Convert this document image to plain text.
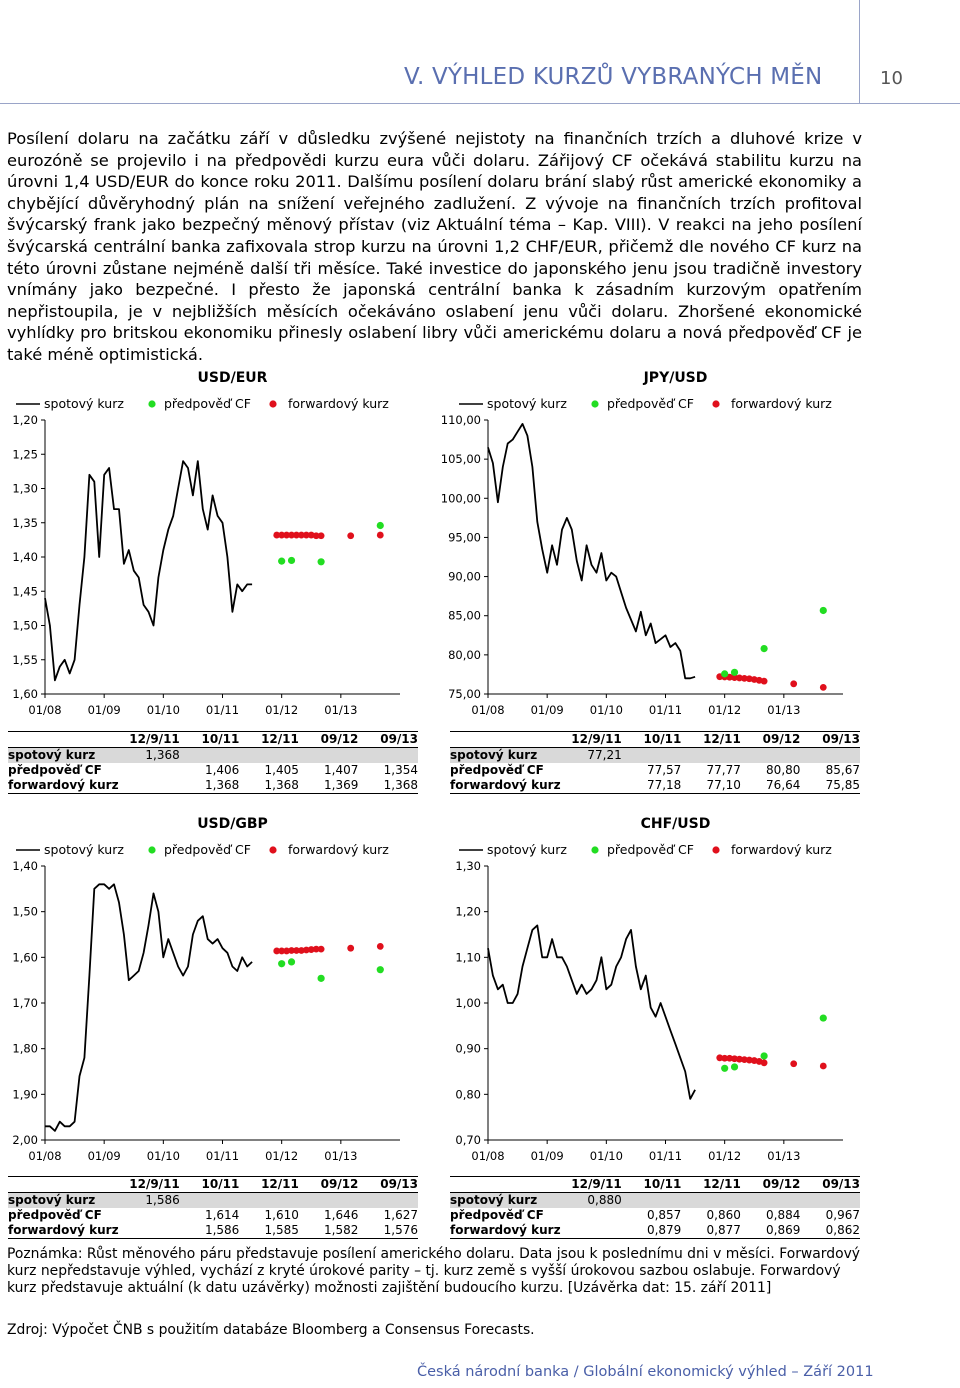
V. VÝHLED KURZŮ VYBRANÝCH MĚN	10

Posílení dolaru na začátku září v důsledku zvýšené nejistoty na finančních trzích a dluhové krize v eurozóně se projevilo i na předpovědi kurzu eura vůči dolaru. Zářijový CF očekává stabilitu kurzu na úrovni 1,4 USD/EUR do konce roku 2011. Dalšímu posílení dolaru brání slabý růst americké ekonomiky a chybějící důvěryhodný plán na snížení veřejného zadlužení. Z vývoje na finančních trzích profitoval švýcarský frank jako bezpečný měnový přístav (viz Aktuální téma – Kap. VIII). V reakci na jeho posílení švýcarská centrální banka zafixovala strop kurzu na úrovni 1,2 CHF/EUR, přičemž dle nového CF kurz na této úrovni zůstane nejméně další tři měsíce. Také investice do japonského jenu jsou tradičně investory vnímány jako bezpečné. I přesto že japonská centrální banka k zásadním kurzovým opatřením nepřistoupila, je v nejbližších měsících očekáváno oslabení jenu vůči dolaru. Zhoršené ekonomické vyhlídky pro britskou ekonomiku přinesly oslabení libry vůči americkému dolaru a nová předpověď CF je také méně optimistická.

USD/EUR
spotový kurz	předpověď CF	forwardový kurz
1,20
1,25
1,30
1,35
1,40
1,45
1,50
1,55
1,60
01/08 01/09 01/10 01/11 01/12 01/13
JPY/USD
spotový kurz	předpověď CF	forwardový kurz
110,00
105,00
100,00
95,00
90,00
85,00
80,00
75,00
01/08 01/09 01/10 01/11 01/12 01/13
USD/GBP
spotový kurz	předpověď CF	forwardový kurz
1,40
1,50
1,60
1,70
1,80
1,90
2,00
01/08 01/09 01/10 01/11 01/12 01/13
CHF/USD
spotový kurz	předpověď CF	forwardový kurz
1,30
1,20
1,10
1,00
0,90
0,80
0,70
01/08 01/09 01/10 01/11 01/12 01/13
	12/9/11	10/11	12/11	09/12	09/13
spotový kurz	1,368				
předpověď CF		1,406	1,405	1,407	1,354
forwardový kurz		1,368	1,368	1,369	1,368
	12/9/11	10/11	12/11	09/12	09/13
spotový kurz	77,21				
předpověď CF		77,57	77,77	80,80	85,67
forwardový kurz		77,18	77,10	76,64	75,85
	12/9/11	10/11	12/11	09/12	09/13
spotový kurz	1,586				
předpověď CF		1,614	1,610	1,646	1,627
forwardový kurz		1,586	1,585	1,582	1,576
	12/9/11	10/11	12/11	09/12	09/13
spotový kurz	0,880				
předpověď CF		0,857	0,860	0,884	0,967
forwardový kurz		0,879	0,877	0,869	0,862

Poznámka: Růst měnového páru představuje posílení amerického dolaru. Data jsou k poslednímu dni v měsíci. Forwardový kurz nepředstavuje výhled, vychází z kryté úrokové parity – tj. kurz země s vyšší úrokovou sazbou oslabuje. Forwardový kurz představuje aktuální (k datu uzávěrky) možnosti zajištění budoucího kurzu. [Uzávěrka dat: 15. září 2011]

Zdroj: Výpočet ČNB s použitím databáze Bloomberg a Consensus Forecasts.
Česká národní banka / Globální ekonomický výhled – Září 2011
